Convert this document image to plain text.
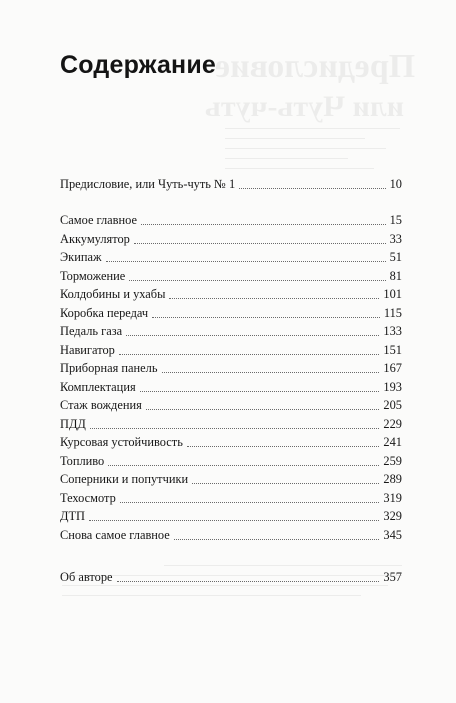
Предисловие
или Чуть-чуть
Содержание
Предисловие, или Чуть-чуть № 1	10
Самое главное	15
Аккумулятор	33
Экипаж	51
Торможение	81
Колдобины и ухабы	101
Коробка передач	115
Педаль газа	133
Навигатор	151
Приборная панель	167
Комплектация	193
Стаж вождения	205
ПДД	229
Курсовая устойчивость	241
Топливо	259
Соперники и попутчики	289
Техосмотр	319
ДТП	329
Снова самое главное	345
Об авторе	357
